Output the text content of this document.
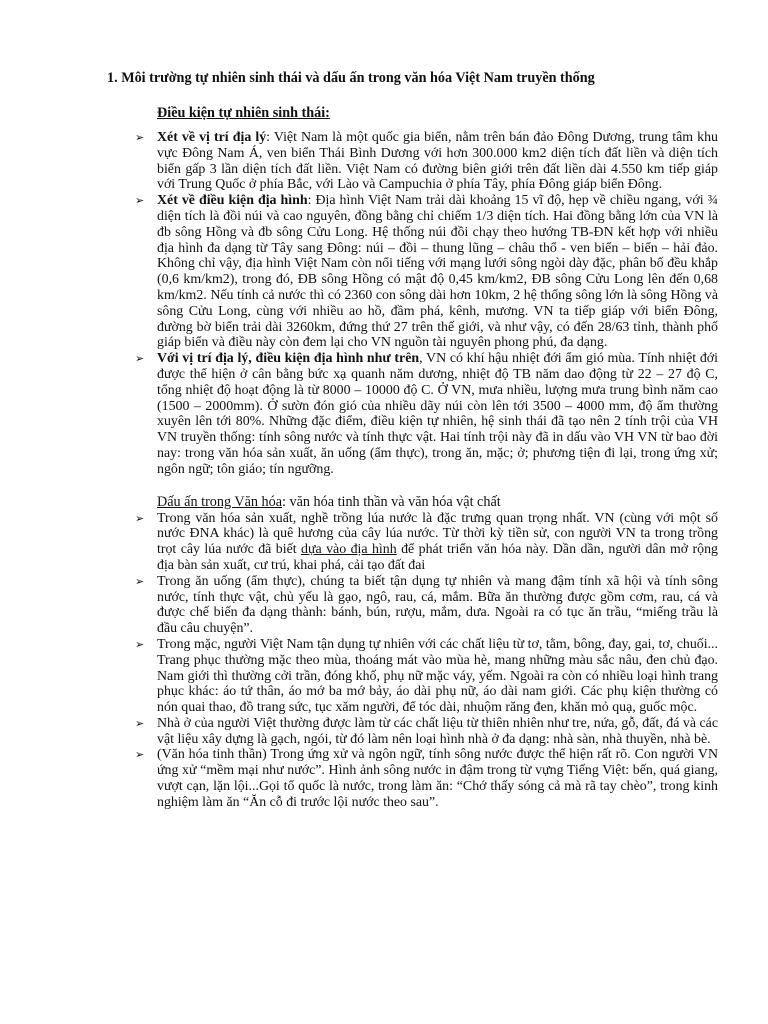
1. Môi trường tự nhiên sinh thái và dấu ấn trong văn hóa Việt Nam truyền thống
Điều kiện tự nhiên sinh thái:
➢ Xét về vị trí địa lý: Việt Nam là một quốc gia biển, nằm trên bán đảo Đông Dương, trung tâm khu vực Đông Nam Á, ven biển Thái Bình Dương với hơn 300.000 km2 diện tích đất liền và diện tích biển gấp 3 lần diện tích đất liền. Việt Nam có đường biên giới trên đất liền dài 4.550 km tiếp giáp với Trung Quốc ở phía Bắc, với Lào và Campuchia ở phía Tây, phía Đông giáp biển Đông.
➢ Xét về điều kiện địa hình: Địa hình Việt Nam trải dài khoảng 15 vĩ độ, hẹp về chiều ngang, với ¾ diện tích là đồi núi và cao nguyên, đồng bằng chỉ chiếm 1/3 diện tích. Hai đồng bằng lớn của VN là đb sông Hồng và đb sông Cửu Long. Hệ thống núi đồi chạy theo hướng TB-ĐN kết hợp với nhiều địa hình đa dạng từ Tây sang Đông: núi – đồi – thung lũng – châu thổ - ven biển – biển – hải đảo. Không chỉ vậy, địa hình Việt Nam còn nổi tiếng với mạng lưới sông ngòi dày đặc, phân bố đều khắp (0,6 km/km2), trong đó, ĐB sông Hồng có mật độ 0,45 km/km2, ĐB sông Cửu Long lên đến 0,68 km/km2. Nếu tính cả nước thì có 2360 con sông dài hơn 10km, 2 hệ thống sông lớn là sông Hồng và sông Cửu Long, cùng với nhiều ao hồ, đầm phá, kênh, mương. VN ta tiếp giáp với biển Đông, đường bờ biển trải dài 3260km, đứng thứ 27 trên thế giới, và như vậy, có đến 28/63 tỉnh, thành phố giáp biển và điều này còn đem lại cho VN nguồn tài nguyên phong phú, đa dạng.
➢ Với vị trí địa lý, điều kiện địa hình như trên, VN có khí hậu nhiệt đới ẩm gió mùa. Tính nhiệt đới được thể hiện ở cân bằng bức xạ quanh năm dương, nhiệt độ TB năm dao động từ 22 – 27 độ C, tổng nhiệt độ hoạt động là từ 8000 – 10000 độ C. Ở VN, mưa nhiều, lượng mưa trung bình năm cao (1500 – 2000mm). Ở sườn đón gió của nhiều dãy núi còn lên tới 3500 – 4000 mm, độ ẩm thường xuyên lên tới 80%. Những đặc điểm, điều kiện tự nhiên, hệ sinh thái đã tạo nên 2 tính trội của VH VN truyền thống: tính sông nước và tính thực vật. Hai tính trội này đã in dấu vào VH VN từ bao đời nay: trong văn hóa sản xuất, ăn uống (ẩm thực), trong ăn, mặc; ở; phương tiện đi lại, trong ứng xử; ngôn ngữ; tôn giáo; tín ngưỡng.
Dấu ấn trong Văn hóa: văn hóa tinh thần và văn hóa vật chất
➢ Trong văn hóa sản xuất, nghề trồng lúa nước là đặc trưng quan trọng nhất. VN (cùng với một số nước ĐNA khác) là quê hương của cây lúa nước. Từ thời kỳ tiền sử, con người VN ta trong trồng trọt cây lúa nước đã biết dựa vào địa hình để phát triển văn hóa này. Dần dần, người dân mở rộng địa bàn sản xuất, cư trú, khai phá, cải tạo đất đai
➢ Trong ăn uống (ẩm thực), chúng ta biết tận dụng tự nhiên và mang đậm tính xã hội và tính sông nước, tính thực vật, chủ yếu là gạo, ngô, rau, cá, mắm. Bữa ăn thường được gồm cơm, rau, cá và được chế biến đa dạng thành: bánh, bún, rượu, mắm, dưa. Ngoài ra có tục ăn trầu, “miếng trầu là đầu câu chuyện”.
➢ Trong mặc, người Việt Nam tận dụng tự nhiên với các chất liệu từ tơ, tằm, bông, đay, gai, tơ, chuối... Trang phục thường mặc theo mùa, thoáng mát vào mùa hè, mang những màu sắc nâu, đen chủ đạo. Nam giới thì thường cởi trần, đóng khố, phụ nữ mặc váy, yếm. Ngoài ra còn có nhiều loại hình trang phục khác: áo tứ thân, áo mớ ba mớ bảy, áo dài phụ nữ, áo dài nam giới. Các phụ kiện thường có nón quai thao, đồ trang sức, tục xăm người, để tóc dài, nhuộm răng đen, khăn mỏ quạ, guốc mộc.
➢ Nhà ở của người Việt thường được làm từ các chất liệu từ thiên nhiên như tre, nứa, gỗ, đất, đá và các vật liệu xây dựng là gạch, ngói, từ đó làm nên loại hình nhà ở đa dạng: nhà sàn, nhà thuyền, nhà bè.
➢ (Văn hóa tinh thần) Trong ứng xử và ngôn ngữ, tính sông nước được thể hiện rất rõ. Con người VN ứng xử “mềm mại như nước”. Hình ảnh sông nước in đậm trong từ vựng Tiếng Việt: bến, quá giang, vượt cạn, lặn lội...Gọi tổ quốc là nước, trong làm ăn: “Chớ thấy sóng cả mà rã tay chèo”, trong kinh nghiệm làm ăn “Ăn cỗ đi trước lội nước theo sau”.
